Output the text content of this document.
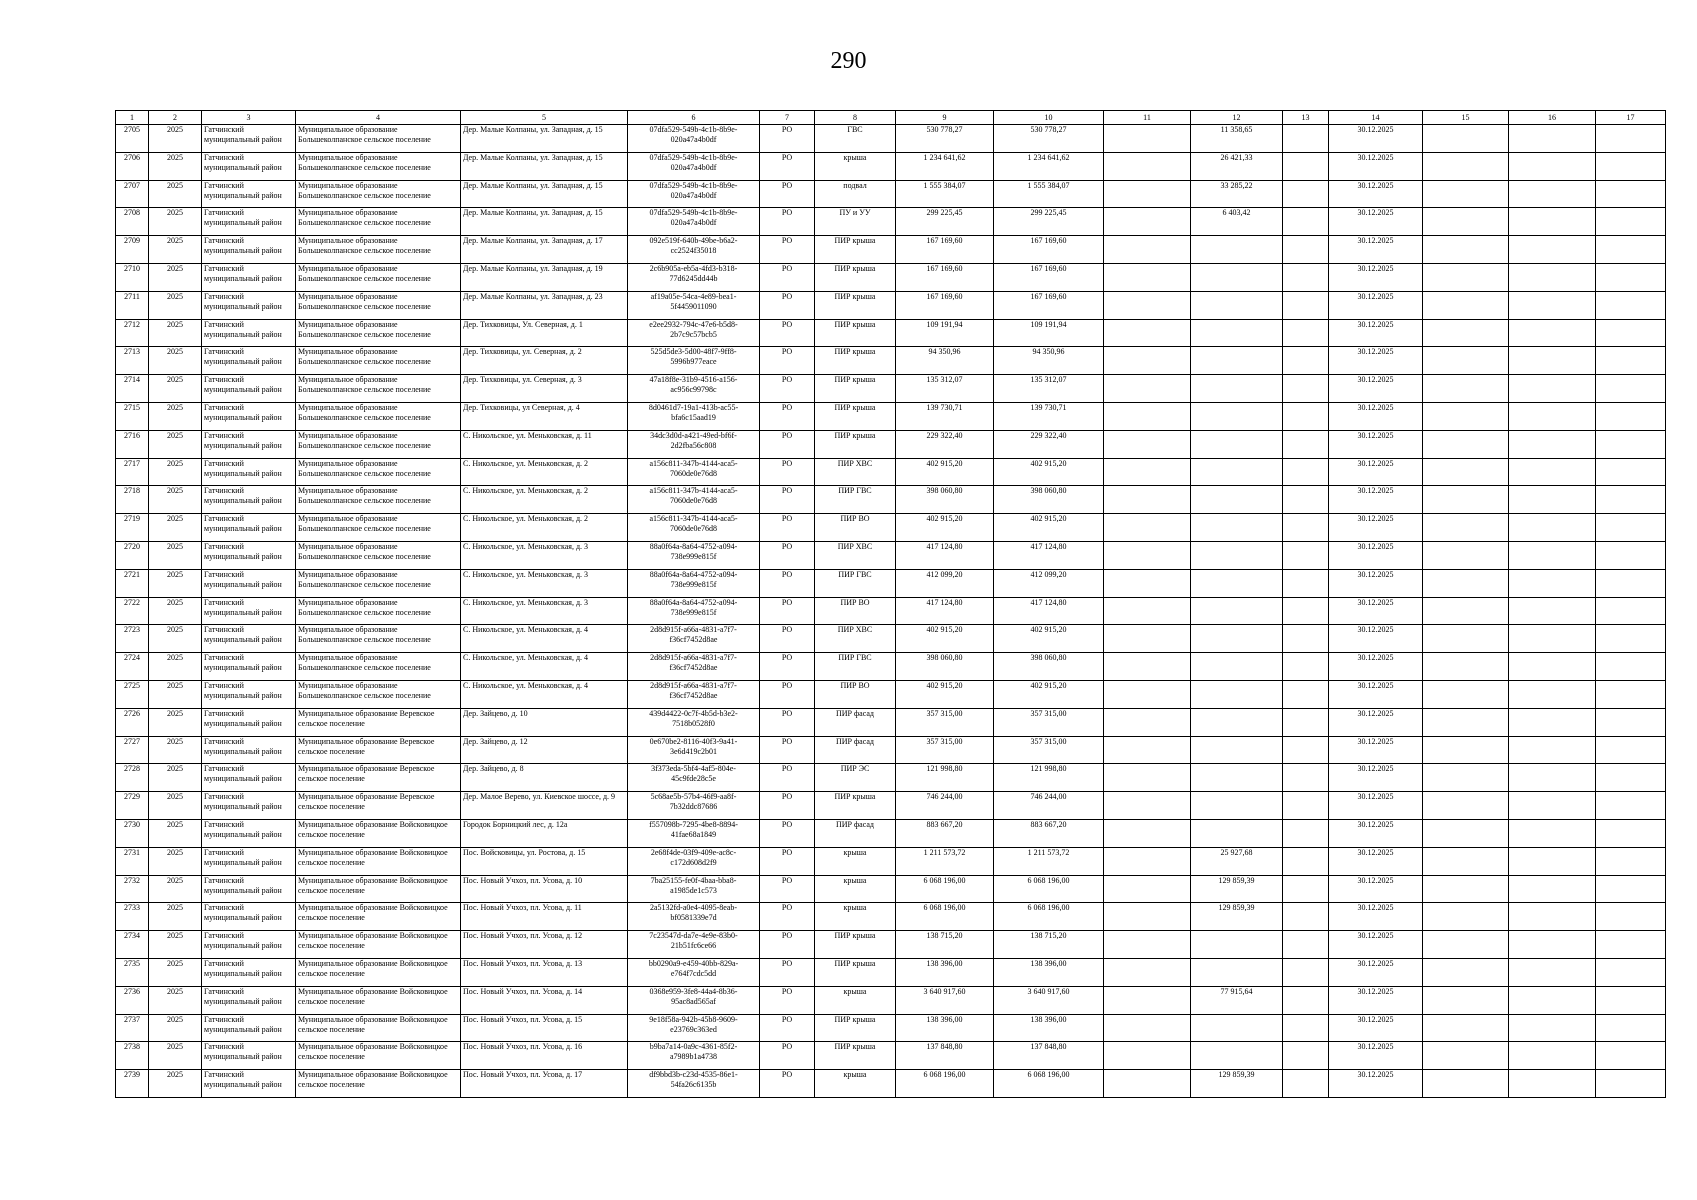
290
1	2	3	4	5	6	7	8	9	10	11	12	13	14	15	16	17
2705	2025	Гатчинский муниципальный район	Муниципальное образование Большеколпанское сельское поселение	Дер. Малые Колпаны, ул. Западная, д. 15	07dfa529-549b-4c1b-8b9e-020a47a4b0df	РО	ГВС	530 778,27	530 778,27		11 358,65		30.12.2025			
2706	2025	Гатчинский муниципальный район	Муниципальное образование Большеколпанское сельское поселение	Дер. Малые Колпаны, ул. Западная, д. 15	07dfa529-549b-4c1b-8b9e-020a47a4b0df	РО	крыша	1 234 641,62	1 234 641,62		26 421,33		30.12.2025			
2707	2025	Гатчинский муниципальный район	Муниципальное образование Большеколпанское сельское поселение	Дер. Малые Колпаны, ул. Западная, д. 15	07dfa529-549b-4c1b-8b9e-020a47a4b0df	РО	подвал	1 555 384,07	1 555 384,07		33 285,22		30.12.2025			
2708	2025	Гатчинский муниципальный район	Муниципальное образование Большеколпанское сельское поселение	Дер. Малые Колпаны, ул. Западная, д. 15	07dfa529-549b-4c1b-8b9e-020a47a4b0df	РО	ПУ и УУ	299 225,45	299 225,45		6 403,42		30.12.2025			
2709	2025	Гатчинский муниципальный район	Муниципальное образование Большеколпанское сельское поселение	Дер. Малые Колпаны, ул. Западная, д. 17	092e519f-640b-49be-b6a2-cc2524f35018	РО	ПИР крыша	167 169,60	167 169,60				30.12.2025			
2710	2025	Гатчинский муниципальный район	Муниципальное образование Большеколпанское сельское поселение	Дер. Малые Колпаны, ул. Западная, д. 19	2c6b905a-eb5a-4fd3-b318-77d6245dd44b	РО	ПИР крыша	167 169,60	167 169,60				30.12.2025			
2711	2025	Гатчинский муниципальный район	Муниципальное образование Большеколпанское сельское поселение	Дер. Малые Колпаны, ул. Западная, д. 23	af19a05e-54ca-4e89-bea1-5f4459011090	РО	ПИР крыша	167 169,60	167 169,60				30.12.2025			
2712	2025	Гатчинский муниципальный район	Муниципальное образование Большеколпанское сельское поселение	Дер. Тихковицы, Ул. Северная, д. 1	e2ee2932-794c-47e6-b5d8-2b7c9c57bcb5	РО	ПИР крыша	109 191,94	109 191,94				30.12.2025			
2713	2025	Гатчинский муниципальный район	Муниципальное образование Большеколпанское сельское поселение	Дер. Тихковицы, ул. Северная, д. 2	525d5de3-5d00-48f7-9ff8-5996b977eace	РО	ПИР крыша	94 350,96	94 350,96				30.12.2025			
2714	2025	Гатчинский муниципальный район	Муниципальное образование Большеколпанское сельское поселение	Дер. Тихковицы, ул. Северная, д. 3	47a18f8e-31b9-4516-a156-ac956c99798c	РО	ПИР крыша	135 312,07	135 312,07				30.12.2025			
2715	2025	Гатчинский муниципальный район	Муниципальное образование Большеколпанское сельское поселение	Дер. Тихковицы, ул Северная, д. 4	8d0461d7-19a1-413b-ac55-bfa6c15aad19	РО	ПИР крыша	139 730,71	139 730,71				30.12.2025			
2716	2025	Гатчинский муниципальный район	Муниципальное образование Большеколпанское сельское поселение	С. Никольское, ул. Меньковская, д. 11	34dc3d0d-a421-49ed-bf6f-2d2fba56c808	РО	ПИР крыша	229 322,40	229 322,40				30.12.2025			
2717	2025	Гатчинский муниципальный район	Муниципальное образование Большеколпанское сельское поселение	С. Никольское, ул. Меньковская, д. 2	a156c811-347b-4144-aca5-7060de0e76d8	РО	ПИР ХВС	402 915,20	402 915,20				30.12.2025			
2718	2025	Гатчинский муниципальный район	Муниципальное образование Большеколпанское сельское поселение	С. Никольское, ул. Меньковская, д. 2	a156c811-347b-4144-aca5-7060de0e76d8	РО	ПИР ГВС	398 060,80	398 060,80				30.12.2025			
2719	2025	Гатчинский муниципальный район	Муниципальное образование Большеколпанское сельское поселение	С. Никольское, ул. Меньковская, д. 2	a156c811-347b-4144-aca5-7060de0e76d8	РО	ПИР ВО	402 915,20	402 915,20				30.12.2025			
2720	2025	Гатчинский муниципальный район	Муниципальное образование Большеколпанское сельское поселение	С. Никольское, ул. Меньковская, д. 3	88a0f64a-8a64-4752-a094-738e999e815f	РО	ПИР ХВС	417 124,80	417 124,80				30.12.2025			
2721	2025	Гатчинский муниципальный район	Муниципальное образование Большеколпанское сельское поселение	С. Никольское, ул. Меньковская, д. 3	88a0f64a-8a64-4752-a094-738e999e815f	РО	ПИР ГВС	412 099,20	412 099,20				30.12.2025			
2722	2025	Гатчинский муниципальный район	Муниципальное образование Большеколпанское сельское поселение	С. Никольское, ул. Меньковская, д. 3	88a0f64a-8a64-4752-a094-738e999e815f	РО	ПИР ВО	417 124,80	417 124,80				30.12.2025			
2723	2025	Гатчинский муниципальный район	Муниципальное образование Большеколпанское сельское поселение	С. Никольское, ул. Меньковская, д. 4	2d8d915f-a66a-4831-a7f7-f36cf7452d8ae	РО	ПИР ХВС	402 915,20	402 915,20				30.12.2025			
2724	2025	Гатчинский муниципальный район	Муниципальное образование Большеколпанское сельское поселение	С. Никольское, ул. Меньковская, д. 4	2d8d915f-a66a-4831-a7f7-f36cf7452d8ae	РО	ПИР ГВС	398 060,80	398 060,80				30.12.2025			
2725	2025	Гатчинский муниципальный район	Муниципальное образование Большеколпанское сельское поселение	С. Никольское, ул. Меньковская, д. 4	2d8d915f-a66a-4831-a7f7-f36cf7452d8ae	РО	ПИР ВО	402 915,20	402 915,20				30.12.2025			
2726	2025	Гатчинский муниципальный район	Муниципальное образование Веревское сельское поселение	Дер. Зайцево, д. 10	439d4422-0c7f-4b5d-b3e2-7518b0528f0	РО	ПИР фасад	357 315,00	357 315,00				30.12.2025			
2727	2025	Гатчинский муниципальный район	Муниципальное образование Веревское сельское поселение	Дер. Зайцево, д. 12	0e670be2-8116-40f3-9a41-3e6d419c2b01	РО	ПИР фасад	357 315,00	357 315,00				30.12.2025			
2728	2025	Гатчинский муниципальный район	Муниципальное образование Веревское сельское поселение	Дер. Зайцево, д. 8	3f373eda-5bf4-4af5-804e-45c9fde28c5e	РО	ПИР ЭС	121 998,80	121 998,80				30.12.2025			
2729	2025	Гатчинский муниципальный район	Муниципальное образование Веревское сельское поселение	Дер. Малое Верево, ул. Киевское шоссе, д. 9	5c68ae5b-57b4-46f9-aa8f-7b32ddc87686	РО	ПИР крыша	746 244,00	746 244,00				30.12.2025			
2730	2025	Гатчинский муниципальный район	Муниципальное образование Войсковицкое сельское поселение	Городок Борницкий лес, д. 12а	f557098b-7295-4be8-8894-41fae68a1849	РО	ПИР фасад	883 667,20	883 667,20				30.12.2025			
2731	2025	Гатчинский муниципальный район	Муниципальное образование Войсковицкое сельское поселение	Пос. Войсковицы, ул. Ростова, д. 15	2e68f4de-03f9-409e-ac8c-c172d608d2f9	РО	крыша	1 211 573,72	1 211 573,72		25 927,68		30.12.2025			
2732	2025	Гатчинский муниципальный район	Муниципальное образование Войсковицкое сельское поселение	Пос. Новый Учхоз, пл. Усова, д. 10	7ba25155-fe0f-4baa-bba8-a1985de1c573	РО	крыша	6 068 196,00	6 068 196,00		129 859,39		30.12.2025			
2733	2025	Гатчинский муниципальный район	Муниципальное образование Войсковицкое сельское поселение	Пос. Новый Учхоз, пл. Усова, д. 11	2a5132fd-a0e4-4095-8eab-bf0581339e7d	РО	крыша	6 068 196,00	6 068 196,00		129 859,39		30.12.2025			
2734	2025	Гатчинский муниципальный район	Муниципальное образование Войсковицкое сельское поселение	Пос. Новый Учхоз, пл. Усова, д. 12	7c23547d-da7e-4e9e-83b0-21b51fc6ce66	РО	ПИР крыша	138 715,20	138 715,20				30.12.2025			
2735	2025	Гатчинский муниципальный район	Муниципальное образование Войсковицкое сельское поселение	Пос. Новый Учхоз, пл. Усова, д. 13	bb0290a9-e459-40bb-829a-e764f7cdc5dd	РО	ПИР крыша	138 396,00	138 396,00				30.12.2025			
2736	2025	Гатчинский муниципальный район	Муниципальное образование Войсковицкое сельское поселение	Пос. Новый Учхоз, пл. Усова, д. 14	0368e959-3fe8-44a4-8b36-95ac8ad565af	РО	крыша	3 640 917,60	3 640 917,60		77 915,64		30.12.2025			
2737	2025	Гатчинский муниципальный район	Муниципальное образование Войсковицкое сельское поселение	Пос. Новый Учхоз, пл. Усова, д. 15	9e18f58a-942b-45b8-9609-e23769c363ed	РО	ПИР крыша	138 396,00	138 396,00				30.12.2025			
2738	2025	Гатчинский муниципальный район	Муниципальное образование Войсковицкое сельское поселение	Пос. Новый Учхоз, пл. Усова, д. 16	b9ba7a14-0a9c-4361-85f2-a7989b1a4738	РО	ПИР крыша	137 848,80	137 848,80				30.12.2025			
2739	2025	Гатчинский муниципальный район	Муниципальное образование Войсковицкое сельское поселение	Пос. Новый Учхоз, пл. Усова, д. 17	df9bbd3b-c23d-4535-86e1-54fa26c6135b	РО	крыша	6 068 196,00	6 068 196,00		129 859,39		30.12.2025			
